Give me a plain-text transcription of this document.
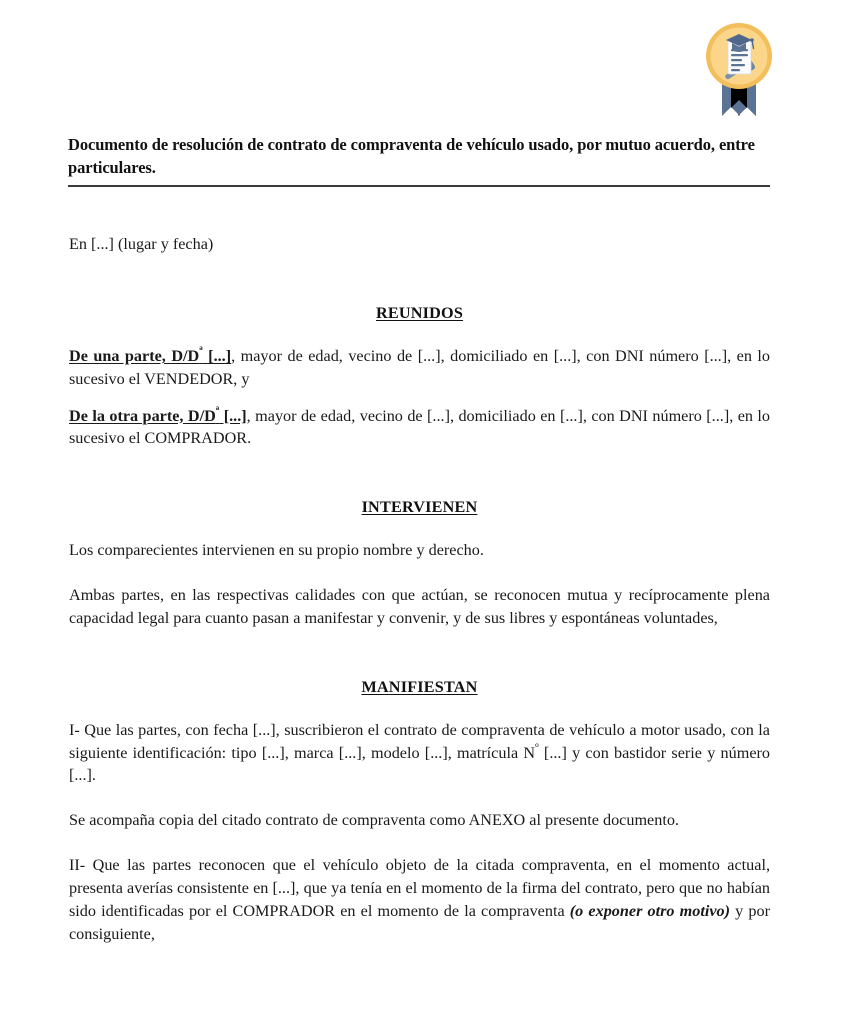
Documento de resolución de contrato de compraventa de vehículo usado, por mutuo acuerdo, entre particulares.

En [...] (lugar y fecha)

REUNIDOS

De una parte, $D/D^ª$ [...], mayor de edad, vecino de [...], domiciliado en [...], con DNI número [...], en lo sucesivo el VENDEDOR, y

De la otra parte, $D/D^ª$ [...], mayor de edad, vecino de [...], domiciliado en [...], con DNI número [...], en lo sucesivo el COMPRADOR.

INTERVIENEN

Los comparecientes intervienen en su propio nombre y derecho.

Ambas partes, en las respectivas calidades con que actúan, se reconocen mutua y recíprocamente plena capacidad legal para cuanto pasan a manifestar y convenir, y de sus libres y espontáneas voluntades,

MANIFIESTAN

I- Que las partes, con fecha [...], suscribieron el contrato de compraventa de vehículo a motor usado, con la siguiente identificación: tipo [...], marca [...], modelo [...], matrícula $N^º$ [...] y con bastidor serie y número [...].

Se acompaña copia del citado contrato de compraventa como ANEXO al presente documento.

II- Que las partes reconocen que el vehículo objeto de la citada compraventa, en el momento actual, presenta averías consistente en [...], que ya tenía en el momento de la firma del contrato, pero que no habían sido identificadas por el COMPRADOR en el momento de la compraventa (o exponer otro motivo) y por consiguiente,
